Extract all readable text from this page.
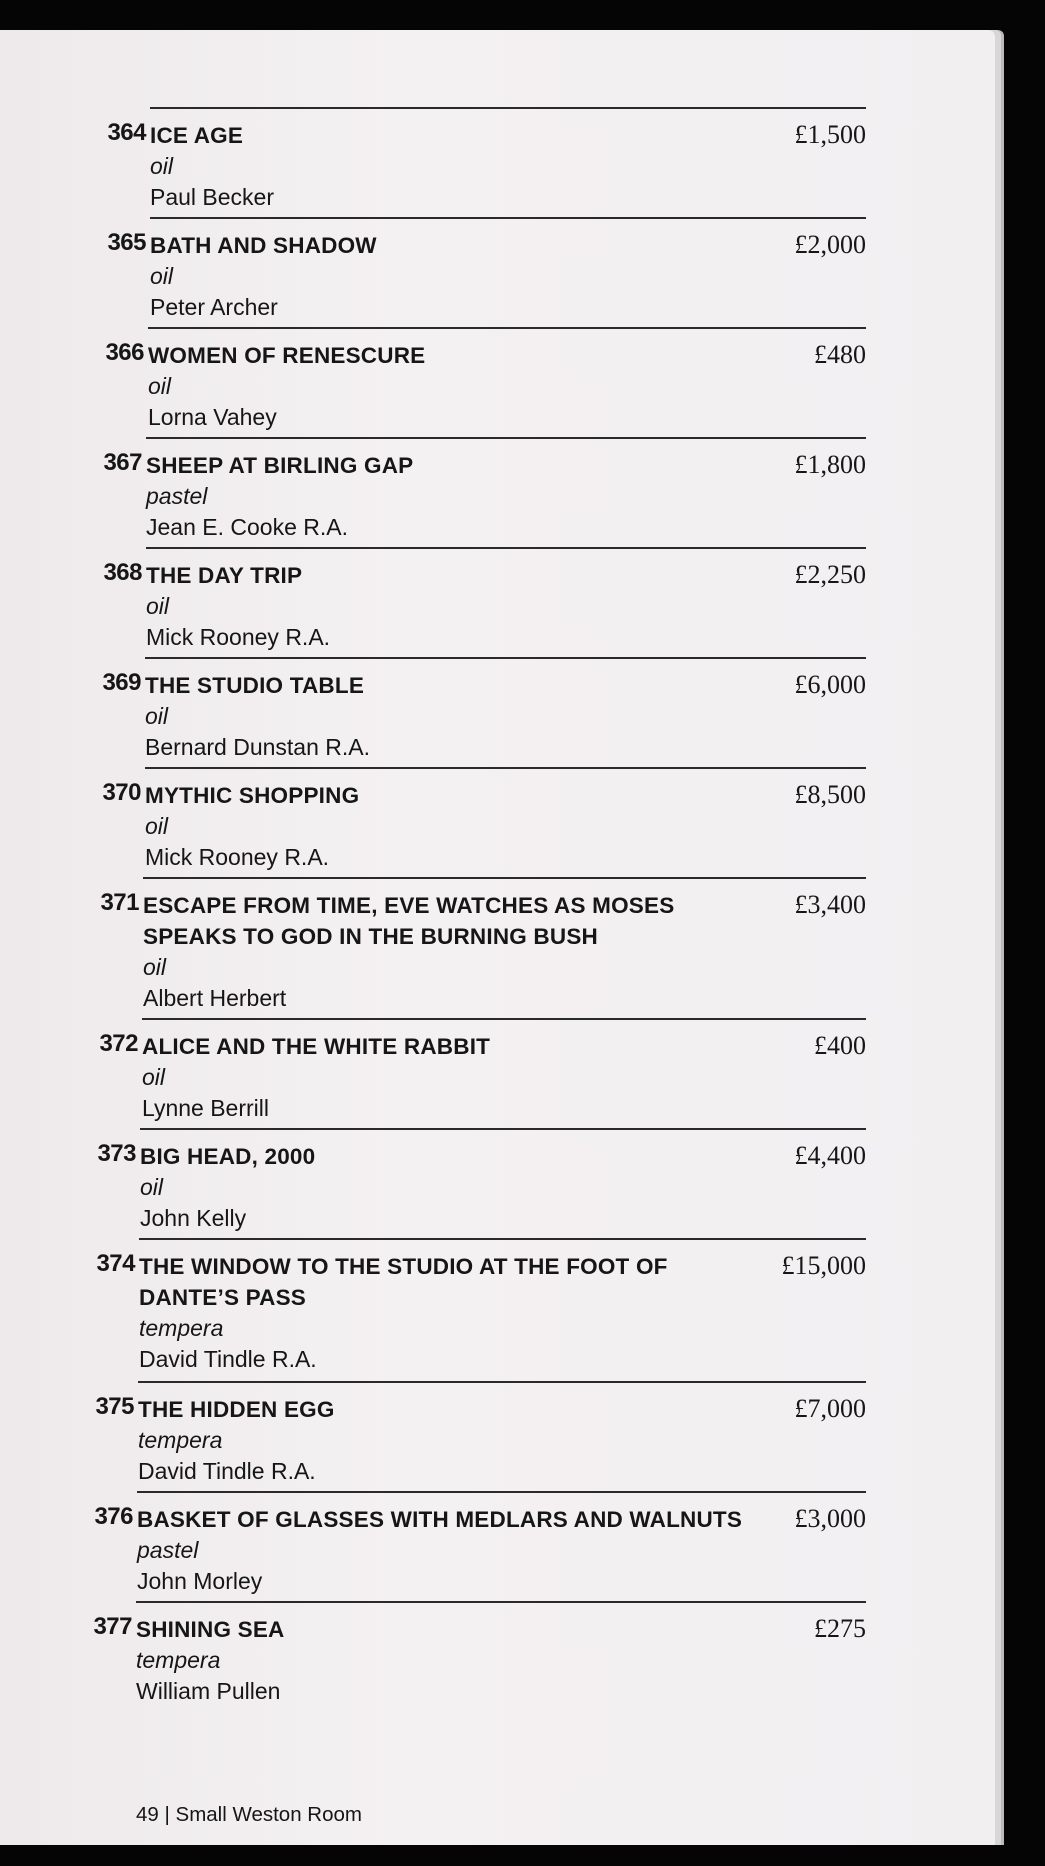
364 ICE AGE
oil
Paul Becker
£1,500
365 BATH AND SHADOW
oil
Peter Archer
£2,000
366 WOMEN OF RENESCURE
oil
Lorna Vahey
£480
367 SHEEP AT BIRLING GAP
pastel
Jean E. Cooke R.A.
£1,800
368 THE DAY TRIP
oil
Mick Rooney R.A.
£2,250
369 THE STUDIO TABLE
oil
Bernard Dunstan R.A.
£6,000
370 MYTHIC SHOPPING
oil
Mick Rooney R.A.
£8,500
371 ESCAPE FROM TIME, EVE WATCHES AS MOSES SPEAKS TO GOD IN THE BURNING BUSH
oil
Albert Herbert
£3,400
372 ALICE AND THE WHITE RABBIT
oil
Lynne Berrill
£400
373 BIG HEAD, 2000
oil
John Kelly
£4,400
374 THE WINDOW TO THE STUDIO AT THE FOOT OF DANTE’S PASS
tempera
David Tindle R.A.
£15,000
375 THE HIDDEN EGG
tempera
David Tindle R.A.
£7,000
376 BASKET OF GLASSES WITH MEDLARS AND WALNUTS
pastel
John Morley
£3,000
377 SHINING SEA
tempera
William Pullen
£275
49 | Small Weston Room
